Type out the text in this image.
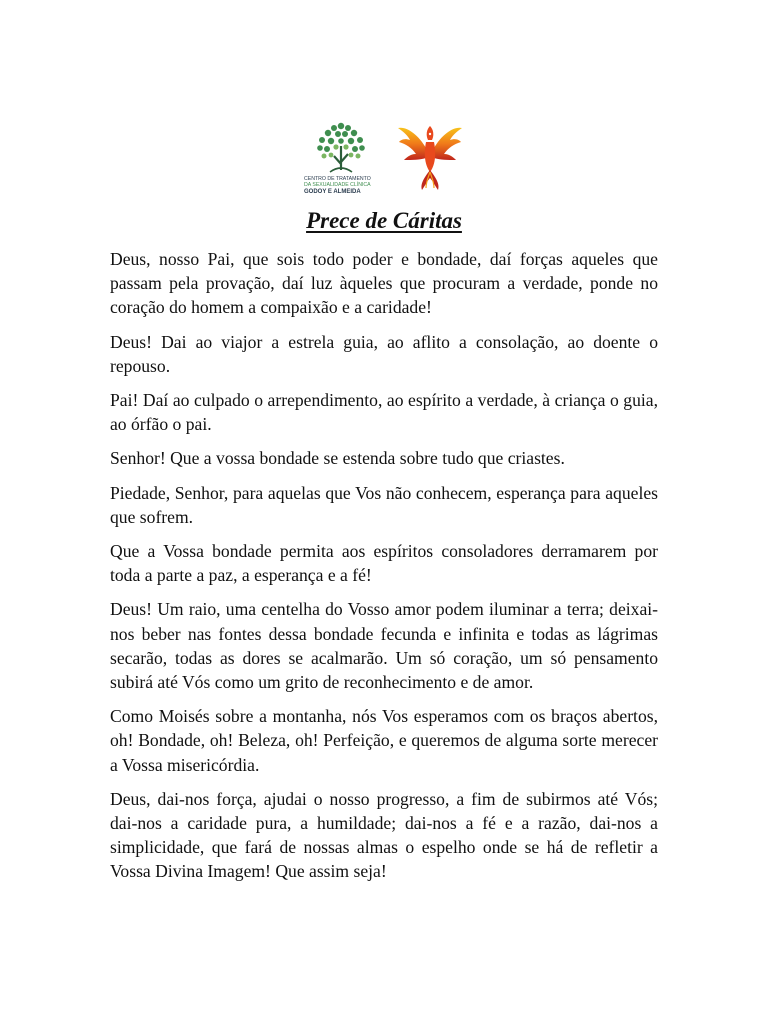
CENTRO DE TRATAMENTO
DA SEXUALIDADE CLÍNICA
GODOY E ALMEIDA
Prece de Cáritas

Deus, nosso Pai, que sois todo poder e bondade, daí forças aqueles que passam pela provação, daí luz àqueles que procuram a verdade, ponde no coração do homem a compaixão e a caridade!

Deus! Dai ao viajor a estrela guia, ao aflito a consolação, ao doente o repouso.

Pai! Daí ao culpado o arrependimento, ao espírito a verdade, à criança o guia, ao órfão o pai.

Senhor! Que a vossa bondade se estenda sobre tudo que criastes.

Piedade, Senhor, para aquelas que Vos não conhecem, esperança para aqueles que sofrem.

Que a Vossa bondade permita aos espíritos consoladores derramarem por toda a parte a paz, a esperança e a fé!

Deus! Um raio, uma centelha do Vosso amor podem iluminar a terra; deixai-nos beber nas fontes dessa bondade fecunda e infinita e todas as lágrimas secarão, todas as dores se acalmarão. Um só coração, um só pensamento subirá até Vós como um grito de reconhecimento e de amor.

Como Moisés sobre a montanha, nós Vos esperamos com os braços abertos, oh! Bondade, oh! Beleza, oh! Perfeição, e queremos de alguma sorte merecer a Vossa misericórdia.

Deus, dai-nos força, ajudai o nosso progresso, a fim de subirmos até Vós; dai-nos a caridade pura, a humildade; dai-nos a fé e a razão, dai-nos a simplicidade, que fará de nossas almas o espelho onde se há de refletir a Vossa Divina Imagem! Que assim seja!
